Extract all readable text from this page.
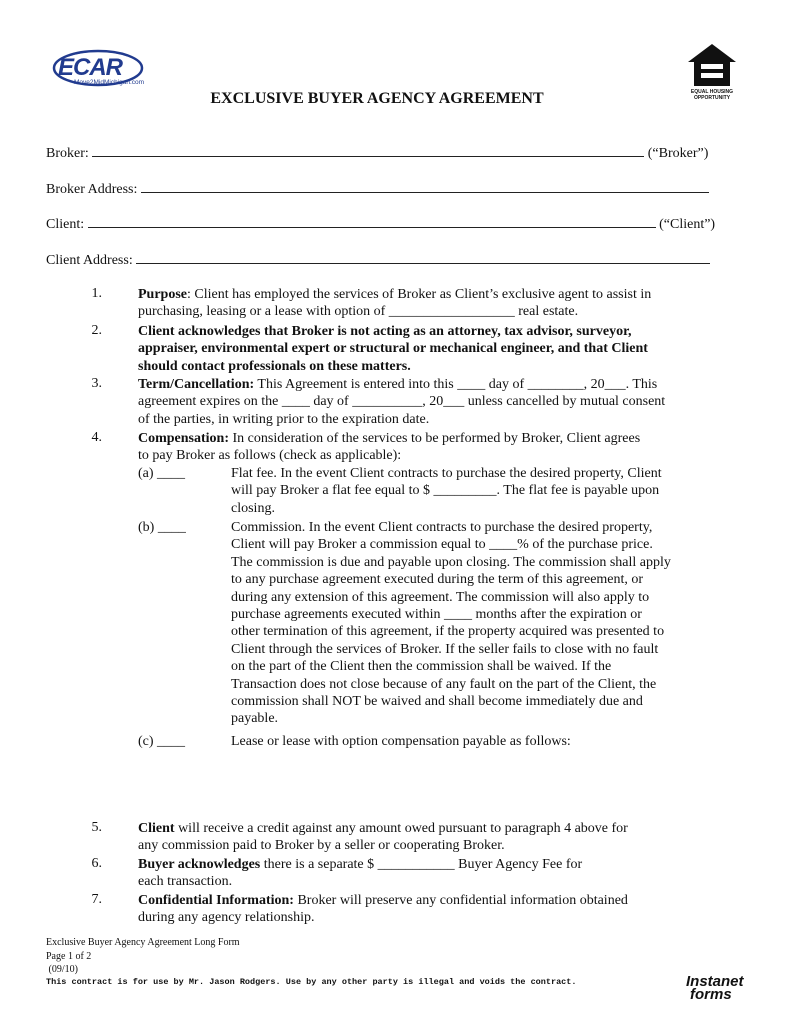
ECAR
Move2MidMichigan.com
EQUAL HOUSING
OPPORTUNITY
EXCLUSIVE BUYER AGENCY AGREEMENT
Broker:	(“Broker”)
Broker Address:
Client:	(“Client”)
Client Address:
1.	Purpose: Client has employed the services of Broker as Client’s exclusive agent to assist in
purchasing, leasing or a lease with option of __________________ real estate.
2.	Client acknowledges that Broker is not acting as an attorney, tax advisor, surveyor,
appraiser, environmental expert or structural or mechanical engineer, and that Client
should contact professionals on these matters.
3.	Term/Cancellation: This Agreement is entered into this ____ day of ________, 20___. This
agreement expires on the ____ day of __________, 20___ unless cancelled by mutual consent
of the parties, in writing prior to the expiration date.
4.	Compensation: In consideration of the services to be performed by Broker, Client agrees
to pay Broker as follows (check as applicable):
(a) ____	Flat fee. In the event Client contracts to purchase the desired property, Client
will pay Broker a flat fee equal to $ _________. The flat fee is payable upon
closing.
(b) ____	Commission. In the event Client contracts to purchase the desired property,
Client will pay Broker a commission equal to ____% of the purchase price.
The commission is due and payable upon closing. The commission shall apply
to any purchase agreement executed during the term of this agreement, or
during any extension of this agreement. The commission will also apply to
purchase agreements executed within ____ months after the expiration or
other termination of this agreement, if the property acquired was presented to
Client through the services of Broker. If the seller fails to close with no fault
on the part of the Client then the commission shall be waived. If the
Transaction does not close because of any fault on the part of the Client, the
commission shall NOT be waived and shall become immediately due and
payable.
(c) ____	Lease or lease with option compensation payable as follows:
5.	Client will receive a credit against any amount owed pursuant to paragraph 4 above for
any commission paid to Broker by a seller or cooperating Broker.
6.	Buyer acknowledges there is a separate $ ___________ Buyer Agency Fee for
each transaction.
7.	Confidential Information: Broker will preserve any confidential information obtained
during any agency relationship.
Exclusive Buyer Agency Agreement Long Form
Page 1 of 2
(09/10)
This contract is for use by Mr. Jason Rodgers. Use by any other party is illegal and voids the contract.	Instanet
forms
